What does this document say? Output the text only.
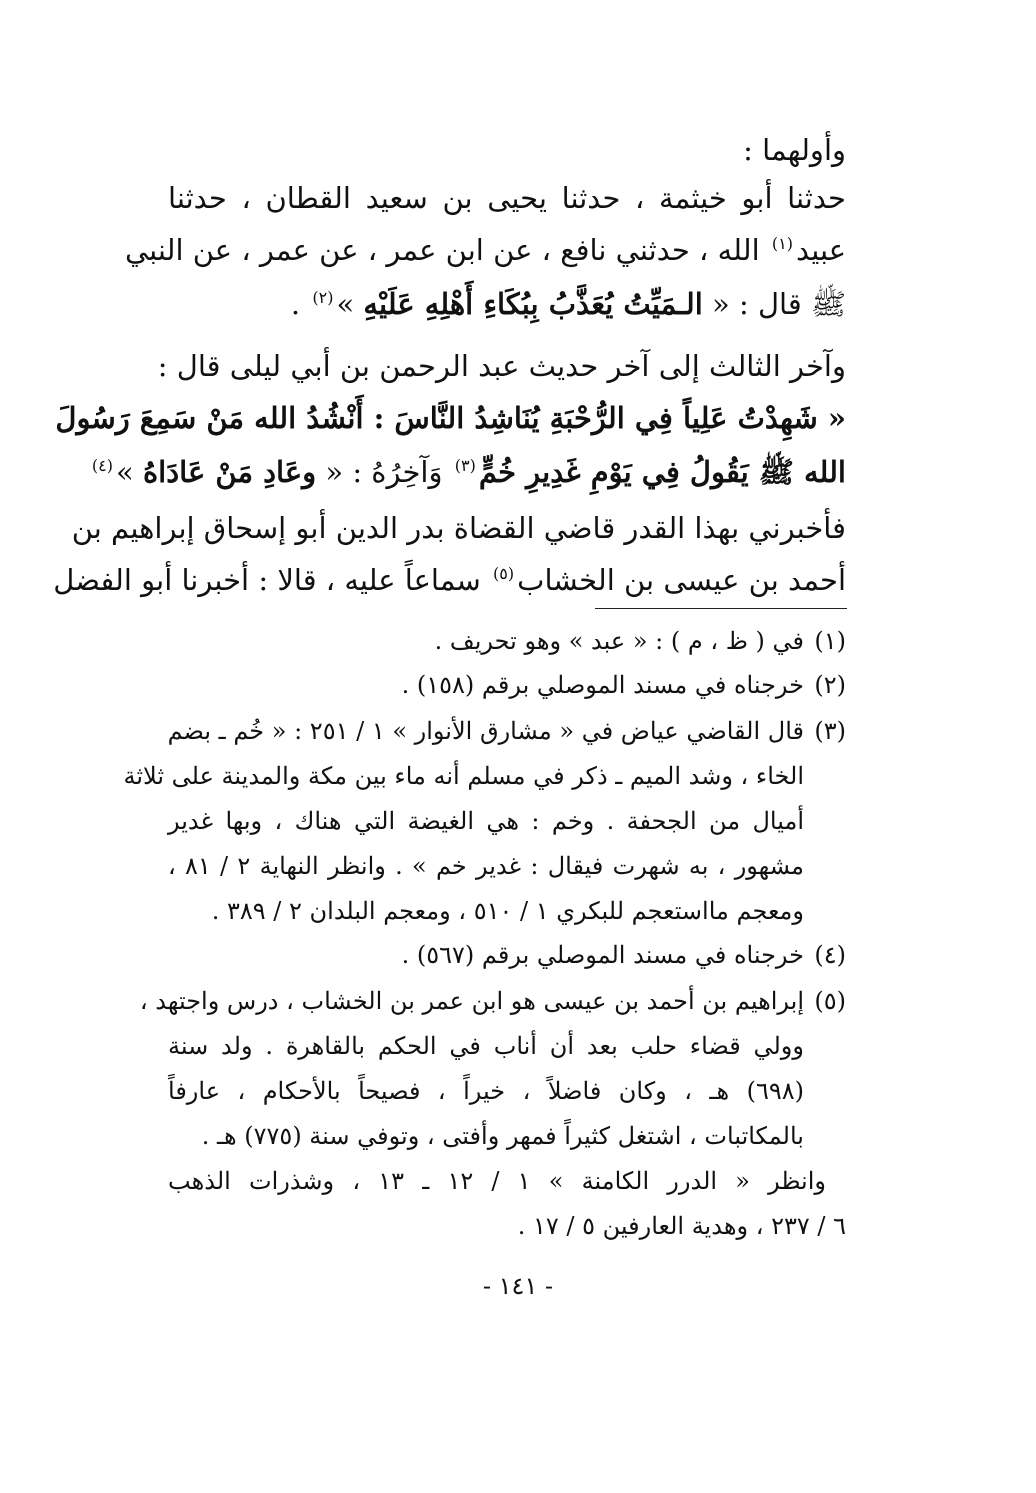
وأولهما :
حدثنا أبو خيثمة ، حدثنا يحيى بن سعيد القطان ، حدثنا
عبيد$^{(١)}$ الله ، حدثني نافع ، عن ابن عمر ، عن عمر ، عن النبي
ﷺ قال : « الـمَيِّتُ يُعَذَّبُ بِبُكَاءِ أَهْلِهِ عَلَيْهِ »$^{(٢)}$ .
وآخر الثالث إلى آخر حديث عبد الرحمن بن أبي ليلى قال :
« شَهِدْتُ عَلِياً فِي الرُّحْبَةِ يُنَاشِدُ النَّاسَ : أَنْشُدُ الله مَنْ سَمِعَ رَسُولَ
الله ﷺ يَقُولُ فِي يَوْمِ غَدِيرِ خُمٍّ$^{(٣)}$ وَآخِرُهُ : « وعَادِ مَنْ عَادَاهُ »$^{(٤)}$
فأخبرني بهذا القدر قاضي القضاة بدر الدين أبو إسحاق إبراهيم بن
أحمد بن عيسى بن الخشاب$^{(٥)}$ سماعاً عليه ، قالا : أخبرنا أبو الفضل
(١)
في ( ظ ، م ) : « عبد » وهو تحريف .
(٢)
خرجناه في مسند الموصلي برقم (١٥٨) .
(٣)
قال القاضي عياض في « مشارق الأنوار » ١ / ٢٥١ : « خُم ـ بضم
الخاء ، وشد الميم ـ ذكر في مسلم أنه ماء بين مكة والمدينة على ثلاثة
أميال من الجحفة . وخم : هي الغيضة التي هناك ، وبها غدير
مشهور ، به شهرت فيقال : غدير خم » . وانظر النهاية ٢ / ٨١ ،
ومعجم مااستعجم للبكري ١ / ٥١٠ ، ومعجم البلدان ٢ / ٣٨٩ .
(٤)
خرجناه في مسند الموصلي برقم (٥٦٧) .
(٥)
إبراهيم بن أحمد بن عيسى هو ابن عمر بن الخشاب ، درس واجتهد ،
وولي قضاء حلب بعد أن أناب في الحكم بالقاهرة . ولد سنة
(٦٩٨) هـ ، وكان فاضلاً ، خيراً ، فصيحاً بالأحكام ، عارفاً
بالمكاتبات ، اشتغل كثيراً فمهر وأفتى ، وتوفي سنة (٧٧٥) هـ .
وانظر « الدرر الكامنة » ١ / ١٢ ـ ١٣ ، وشذرات الذهب
٦ / ٢٣٧ ، وهدية العارفين ٥ / ١٧ .
- ١٤١ -
